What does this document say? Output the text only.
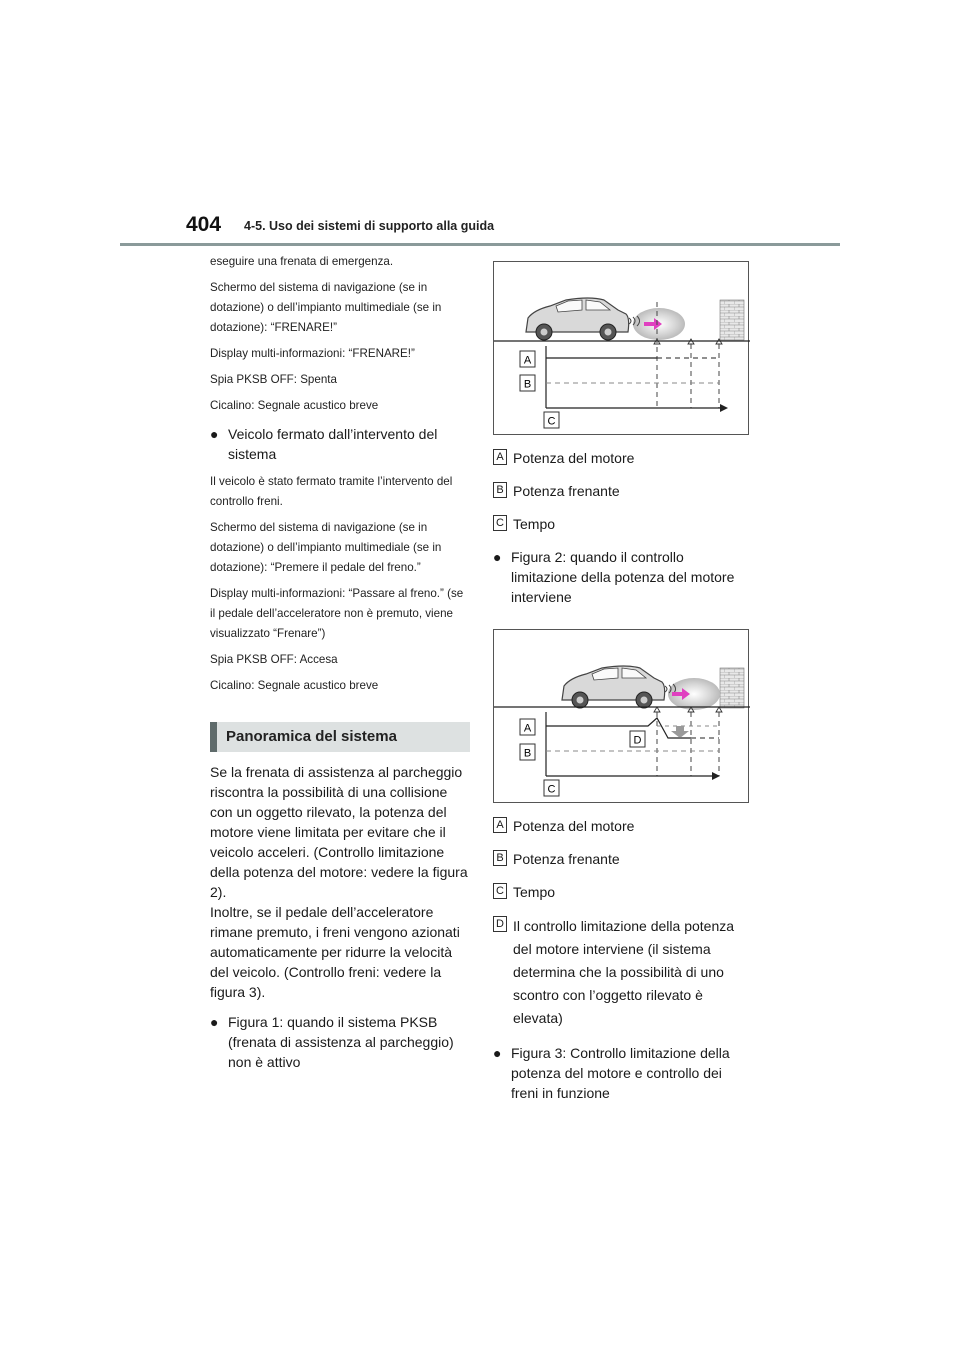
404 4-5. Uso dei sistemi di supporto alla guida

eseguire una frenata di emergenza.

Schermo del sistema di navigazione (se in dotazione) o dell’impianto multimediale (se in dotazione): “FRENARE!”

Display multi-informazioni: “FRENARE!”

Spia PKSB OFF: Spenta

Cicalino: Segnale acustico breve

● Veicolo fermato dall’intervento del sistema

Il veicolo è stato fermato tramite l’intervento del controllo freni.

Schermo del sistema di navigazione (se in dotazione) o dell’impianto multimediale (se in dotazione): “Premere il pedale del freno.”

Display multi-informazioni: “Passare al freno.” (se il pedale dell’acceleratore non è premuto, viene visualizzato “Frenare”)

Spia PKSB OFF: Accesa

Cicalino: Segnale acustico breve

Panoramica del sistema

Se la frenata di assistenza al parcheggio riscontra la possibilità di una collisione con un oggetto rilevato, la potenza del motore viene limitata per evitare che il veicolo acceleri. (Controllo limitazione della potenza del motore: vedere la figura 2).

Inoltre, se il pedale dell’acceleratore rimane premuto, i freni vengono azionati automaticamente per ridurre la velocità del veicolo. (Controllo freni: vedere la figura 3).

● Figura 1: quando il sistema PKSB (frenata di assistenza al parcheggio) non è attivo
A
B
C
A Potenza del motore
B Potenza frenante
C Tempo
● Figura 2: quando il controllo limitazione della potenza del motore interviene
A
B
C
D
A Potenza del motore
B Potenza frenante
C Tempo
D Il controllo limitazione della potenza del motore interviene (il sistema determina che la possibilità di uno scontro con l’oggetto rilevato è elevata)
● Figura 3: Controllo limitazione della potenza del motore e controllo dei freni in funzione
